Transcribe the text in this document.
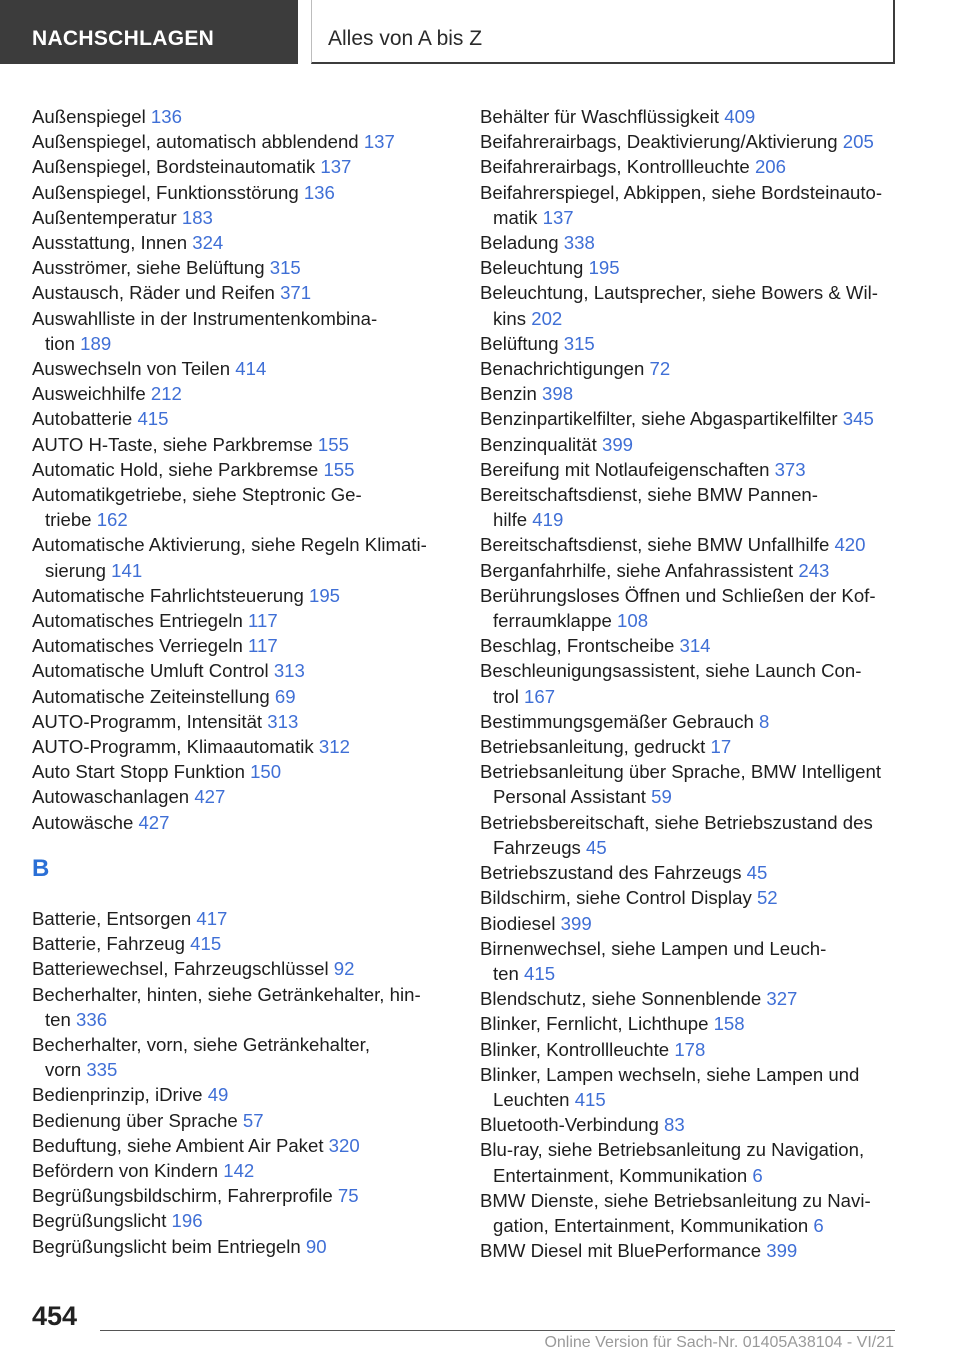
NACHSCHLAGEN	Alles von A bis Z
Außenspiegel 136
Außenspiegel, automatisch abblendend 137
Außenspiegel, Bordsteinautomatik 137
Außenspiegel, Funktionsstörung 136
Außentemperatur 183
Ausstattung, Innen 324
Ausströmer, siehe Belüftung 315
Austausch, Räder und Reifen 371
Auswahlliste in der Instrumentenkombina‐
tion 189
Auswechseln von Teilen 414
Ausweichhilfe 212
Autobatterie 415
AUTO H-Taste, siehe Parkbremse 155
Automatic Hold, siehe Parkbremse 155
Automatikgetriebe, siehe Steptronic Ge‐
triebe 162
Automatische Aktivierung, siehe Regeln Klimati‐
sierung 141
Automatische Fahrlichtsteuerung 195
Automatisches Entriegeln 117
Automatisches Verriegeln 117
Automatische Umluft Control 313
Automatische Zeiteinstellung 69
AUTO-Programm, Intensität 313
AUTO-Programm, Klimaautomatik 312
Auto Start Stopp Funktion 150
Autowaschanlagen 427
Autowäsche 427
B
Batterie, Entsorgen 417
Batterie, Fahrzeug 415
Batteriewechsel, Fahrzeugschlüssel 92
Becherhalter, hinten, siehe Getränkehalter, hin‐
ten 336
Becherhalter, vorn, siehe Getränkehalter,
vorn 335
Bedienprinzip, iDrive 49
Bedienung über Sprache 57
Beduftung, siehe Ambient Air Paket 320
Befördern von Kindern 142
Begrüßungsbildschirm, Fahrerprofile 75
Begrüßungslicht 196
Begrüßungslicht beim Entriegeln 90
Behälter für Waschflüssigkeit 409
Beifahrerairbags, Deaktivierung/Aktivierung 205
Beifahrerairbags, Kontrollleuchte 206
Beifahrerspiegel, Abkippen, siehe Bordsteinauto‐
matik 137
Beladung 338
Beleuchtung 195
Beleuchtung, Lautsprecher, siehe Bowers & Wil‐
kins 202
Belüftung 315
Benachrichtigungen 72
Benzin 398
Benzinpartikelfilter, siehe Abgaspartikelfilter 345
Benzinqualität 399
Bereifung mit Notlaufeigenschaften 373
Bereitschaftsdienst, siehe BMW Pannen‐
hilfe 419
Bereitschaftsdienst, siehe BMW Unfallhilfe 420
Berganfahrhilfe, siehe Anfahrassistent 243
Berührungsloses Öffnen und Schließen der Kof‐
ferraumklappe 108
Beschlag, Frontscheibe 314
Beschleunigungsassistent, siehe Launch Con‐
trol 167
Bestimmungsgemäßer Gebrauch 8
Betriebsanleitung, gedruckt 17
Betriebsanleitung über Sprache, BMW Intelligent
Personal Assistant 59
Betriebsbereitschaft, siehe Betriebszustand des
Fahrzeugs 45
Betriebszustand des Fahrzeugs 45
Bildschirm, siehe Control Display 52
Biodiesel 399
Birnenwechsel, siehe Lampen und Leuch‐
ten 415
Blendschutz, siehe Sonnenblende 327
Blinker, Fernlicht, Lichthupe 158
Blinker, Kontrollleuchte 178
Blinker, Lampen wechseln, siehe Lampen und
Leuchten 415
Bluetooth-Verbindung 83
Blu-ray, siehe Betriebsanleitung zu Navigation,
Entertainment, Kommunikation 6
BMW Dienste, siehe Betriebsanleitung zu Navi‐
gation, Entertainment, Kommunikation 6
BMW Diesel mit BluePerformance 399
454
Online Version für Sach-Nr. 01405A38104 - VI/21
